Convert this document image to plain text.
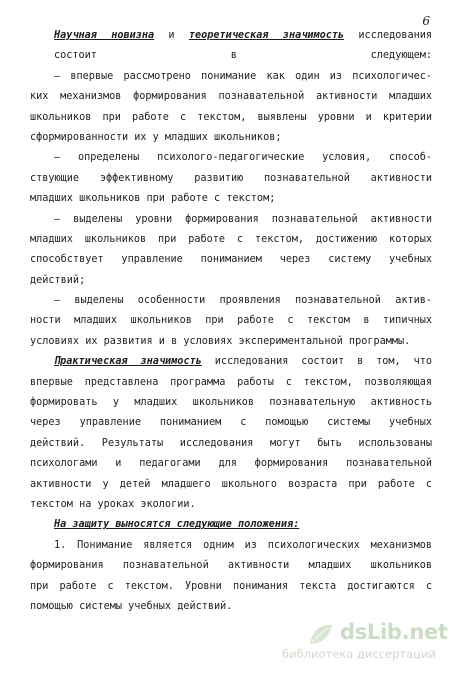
6
Научная новизна и теоретическая значимость исследования
состоит в следующем:
— впервые рассмотрено понимание как один из психологичес-
ких механизмов формирования познавательной активности младших
школьников при работе с текстом, выявлены уровни и критерии
сформированности их у младших школьников;
— определены психолого-педагогические условия, способ-
ствующие эффективному развитию познавательной активности
младших школьников при работе с текстом;
— выделены уровни формирования познавательной активности
младших школьников при работе с текстом, достижению которых
способствует управление пониманием через систему учебных
действий;
— выделены особенности проявления познавательной актив-
ности младших школьников при работе с текстом в типичных
условиях их развития и в условиях экспериментальной программы.
Практическая значимость исследования состоит в том, что
впервые представлена программа работы с текстом, позволяющая
формировать у младших школьников познавательную активность
через управление пониманием с помощью системы учебных
действий. Результаты исследования могут быть использованы
психологами и педагогами для формирования познавательной
активности у детей младшего школьного возраста при работе с
текстом на уроках экологии.
На защиту выносятся следующие положения:
1. Понимание является одним из психологических механизмов
формирования познавательной активности младших школьников
при работе с текстом. Уровни понимания текста достигаются с
помощью системы учебных действий.
dsLib.net
библиотека диссертаций
